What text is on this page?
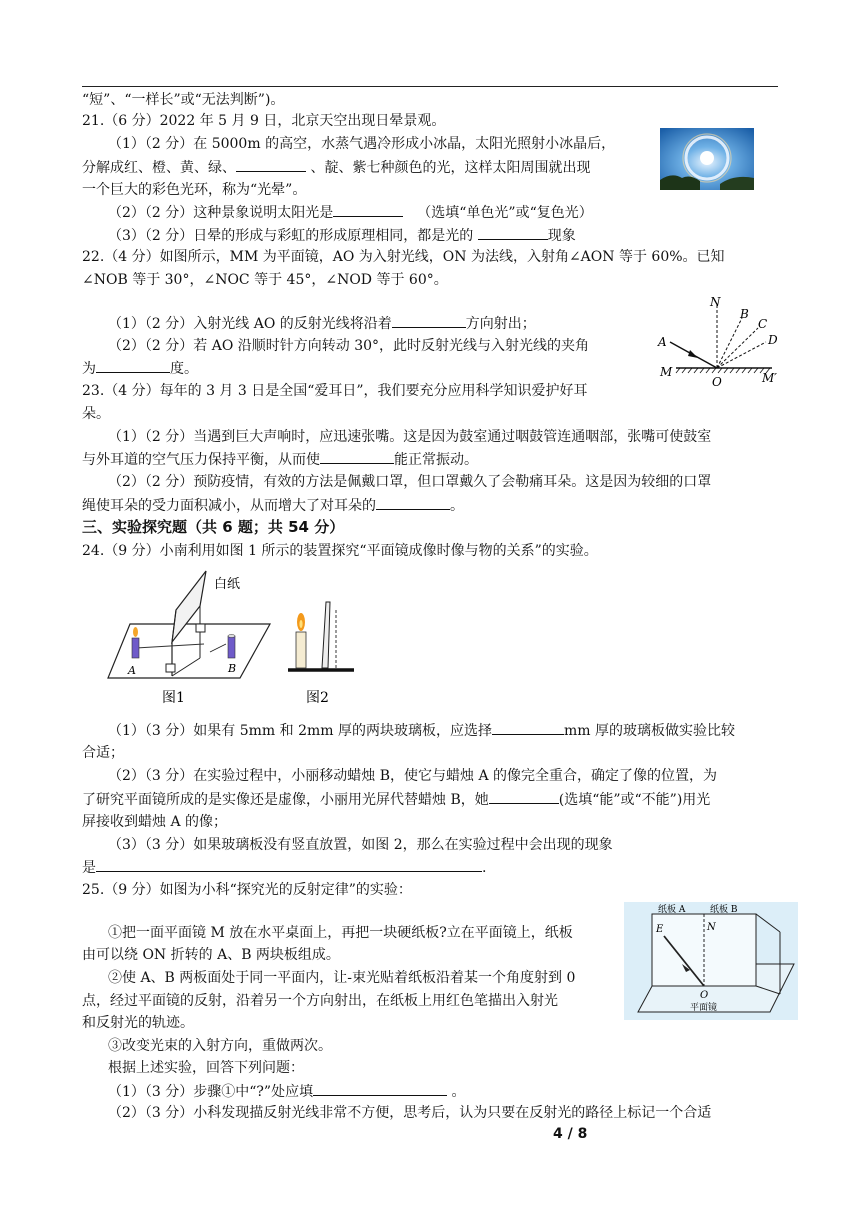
“短”、“一样长”或“无法判断”)。
21.（6 分）2022 年 5 月 9 日，北京天空出现日晕景观。
（1）（2 分）在 5000m 的高空，水蒸气遇冷形成小冰晶，太阳光照射小冰晶后，
分解成红、橙、黄、绿、	、靛、紫七种颜色的光，这样太阳周围就出现
一个巨大的彩色光环，称为“光晕”。
（2）（2 分）这种景象说明太阳光是	（选填“单色光”或“复色光）
（3）（2 分）日晕的形成与彩虹的形成原理相同，都是光的	现象
22.（4 分）如图所示，MM 为平面镜，AO 为入射光线，ON 为法线，入射角∠AON 等于 60%。已知
∠NOB 等于 30°，∠NOC 等于 45°，∠NOD 等于 60°。
（1）（2 分）入射光线 AO 的反射光线将沿着	方向射出；
（2）（2 分）若 AO 沿顺时针方向转动 30°，此时反射光线与入射光线的夹角
为	度。
N
A
B
C
D
M	M′
O
23.（4 分）每年的 3 月 3 日是全国“爱耳日”，我们要充分应用科学知识爱护好耳
朵。
（1）（2 分）当遇到巨大声响时，应迅速张嘴。这是因为鼓室通过咽鼓管连通咽部，张嘴可使鼓室
与外耳道的空气压力保持平衡，从而使	能正常振动。
（2）（2 分）预防疫情，有效的方法是佩戴口罩，但口罩戴久了会勒痛耳朵。这是因为较细的口罩
绳使耳朵的受力面积减小，从而增大了对耳朵的	。
三、实验探究题（共 6 题；共 54 分）
24.（9 分）小南利用如图 1 所示的装置探究“平面镜成像时像与物的关系”的实验。
白纸
A	B
图1	图2
（1）（3 分）如果有 5mm 和 2mm 厚的两块玻璃板，应选择	mm 厚的玻璃板做实验比较
合适；
（2）（3 分）在实验过程中，小丽移动蜡烛 B，使它与蜡烛 A 的像完全重合，确定了像的位置，为
了研究平面镜所成的是实像还是虚像，小丽用光屏代替蜡烛 B，她	(选填“能”或“不能”)用光
屏接收到蜡烛 A 的像；
（3）（3 分）如果玻璃板没有竖直放置，如图 2，那么在实验过程中会出现的现象
是	.
25.（9 分）如图为小科“探究光的反射定律”的实验：
①把一面平面镜 M 放在水平桌面上，再把一块硬纸板?立在平面镜上，纸板
由可以绕 ON 折转的 A、B 两块板组成。
②使 A、B 两板面处于同一平面内，让-束光贴着纸板沿着某一个角度射到 0
点，经过平面镜的反射，沿着另一个方向射出，在纸板上用红色笔描出入射光
和反射光的轨迹。
③改变光束的入射方向，重做两次。
根据上述实验，回答下列问题：
（1）（3 分）步骤①中“?”处应填	。
（2）（3 分）小科发现描反射光线非常不方便，思考后，认为只要在反射光的路径上标记一个合适
纸板 A	纸板 B
E	N
O
平面镜
4 / 8
